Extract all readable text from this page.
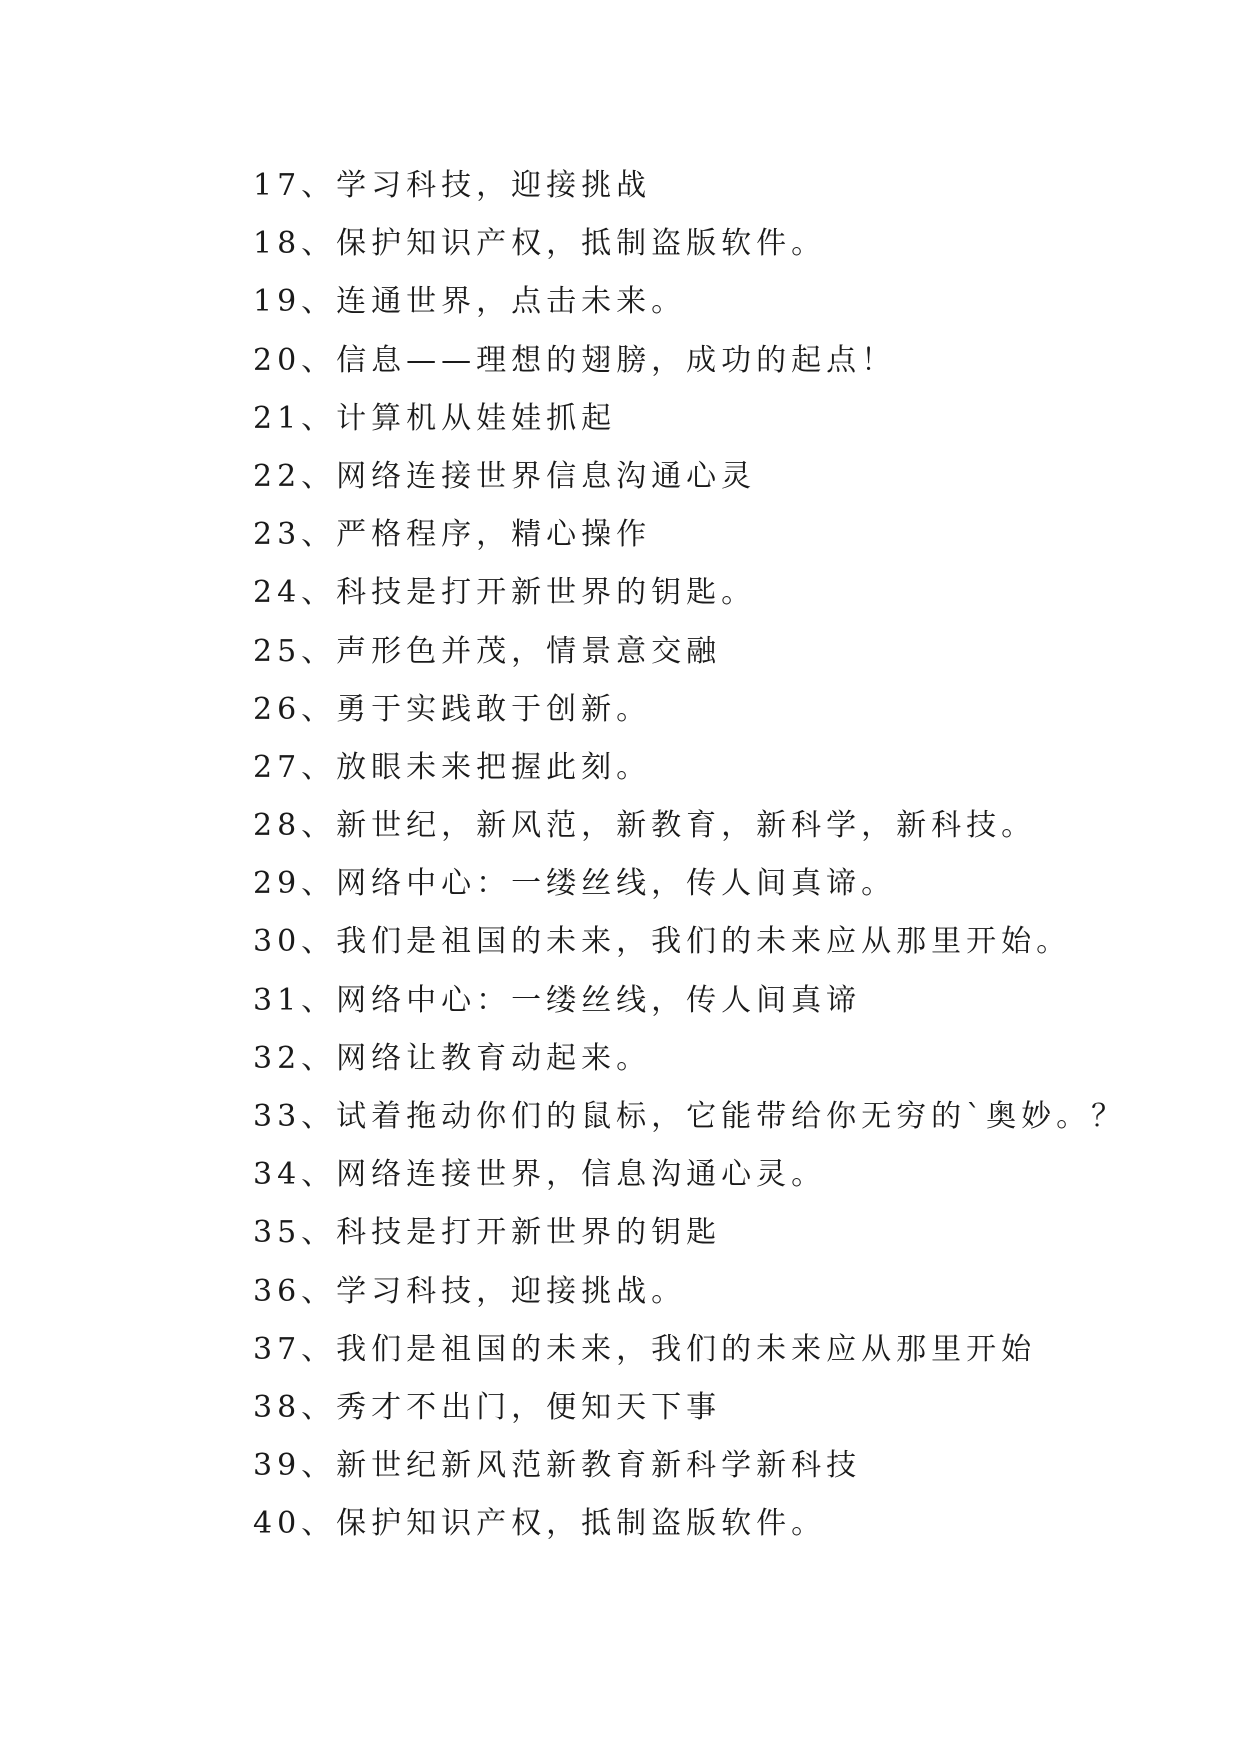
17、学习科技，迎接挑战
18、保护知识产权，抵制盗版软件。
19、连通世界，点击未来。
20、信息——理想的翅膀，成功的起点！
21、计算机从娃娃抓起
22、网络连接世界信息沟通心灵
23、严格程序，精心操作
24、科技是打开新世界的钥匙。
25、声形色并茂，情景意交融
26、勇于实践敢于创新。
27、放眼未来把握此刻。
28、新世纪，新风范，新教育，新科学，新科技。
29、网络中心：一缕丝线，传人间真谛。
30、我们是祖国的未来，我们的未来应从那里开始。
31、网络中心：一缕丝线，传人间真谛
32、网络让教育动起来。
33、试着拖动你们的鼠标，它能带给你无穷的`奥妙。？
34、网络连接世界，信息沟通心灵。
35、科技是打开新世界的钥匙
36、学习科技，迎接挑战。
37、我们是祖国的未来，我们的未来应从那里开始
38、秀才不出门，便知天下事
39、新世纪新风范新教育新科学新科技
40、保护知识产权，抵制盗版软件。
